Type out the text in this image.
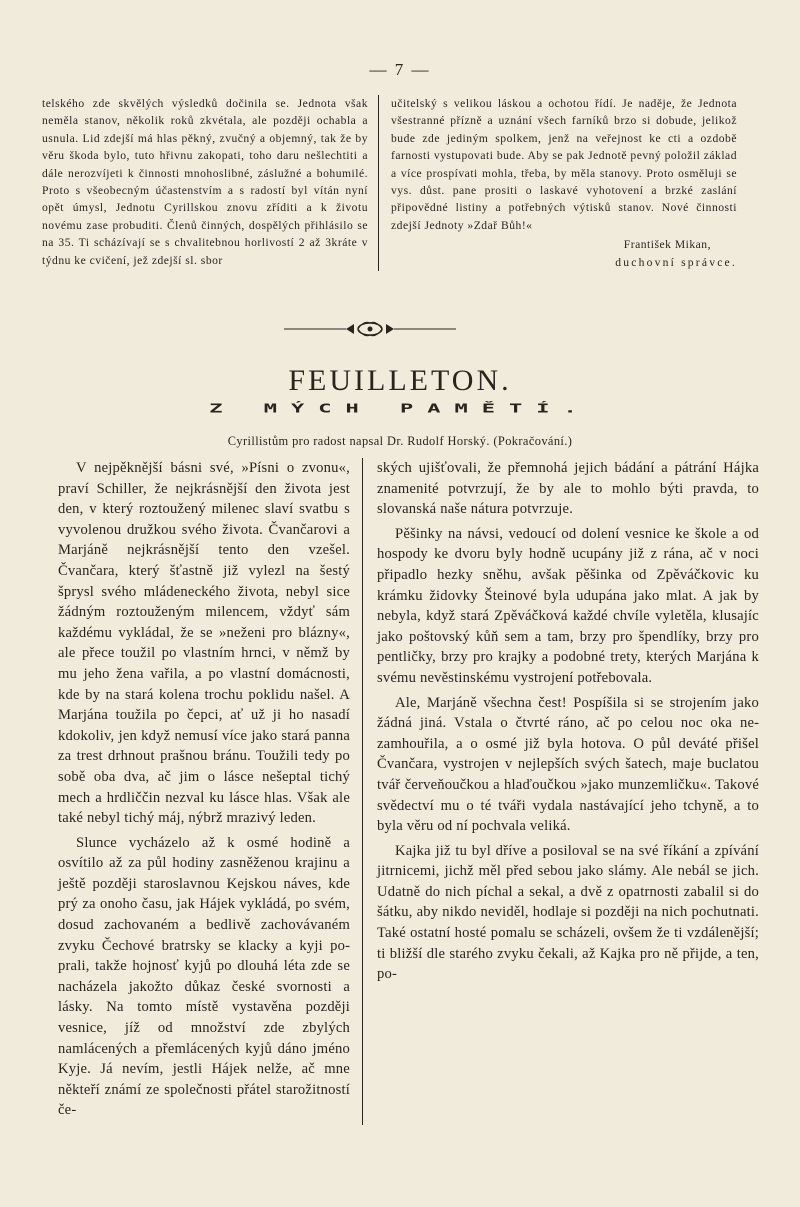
— 7 —

telského zde skvělých výsledků dočinila se. Jednota však neměla stanov, několik roků zkvétala, ale později ochabla a usnula. Lid zdejší má hlas pěkný, zvučný a objemný, tak že by věru škoda bylo, tuto hřivnu zakopati, toho daru nešlechtiti a dále nerozvíjeti k činnosti mnohoslibné, záslužné a bohumilé. Proto s všeobecným účastenstvím a s radostí byl vítán nyní opět úmysl, Jednotu Cyrillskou znovu zříditi a k životu novému zase probuditi. Členů činných, dospělých přihlásilo se na 35. Ti scházívají se s chvalitebnou horlivostí 2 až 3kráte v týdnu ke cvičení, jež zdejší sl. sbor

učitelský s velikou láskou a ochotou řídí. Je naděje, že Jednota všestranné přízně a uznání všech farníků brzo si dobude, jelikož bude zde jediným spolkem, jenž na veřejnost ke cti a ozdobě farnosti vystupovati bude. Aby se pak Jednotě pevný položil základ a více prospívati mohla, třeba, by měla stanovy. Proto osměluji se vys. důst. pane prositi o laskavé vyhotovení a brzké zaslání připovědné listiny a potřebných výtisků stanov. Nové činnosti zdejší Jednoty »Zdař Bůh!«

František Mikan,
duchovní správce.
FEUILLETON.
Z MÝCH PAMĚTÍ.
Cyrillistům pro radost napsal Dr. Rudolf Horský. (Pokračování.)

V nejpěknější básni své, »Písni o zvonu«, praví Schiller, že nejkrásnější den života jest den, v který roztoužený milenec slaví svatbu s vyvolenou družkou svého života. Čvančarovi a Marjáně nejkrásnější tento den vzešel. Čvančara, který šťastně již vylezl na šestý šprysl svého mládeneckého života, nebyl sice žádným roztouženým milencem, vždyť sám každému vykládal, že se »neženi pro blázny«, ale přece toužil po vlastním hrnci, v němž by mu jeho žena vařila, a po vlastní domácnosti, kde by na stará kolena trochu poklidu našel. A Marjána toužila po čepci, ať už ji ho nasadí kdokoliv, jen když nemusí více jako stará panna za trest drhnout prašnou bránu. Toužili tedy po sobě oba dva, ač jim o lásce nešeptal tichý mech a hrdliččin nezval ku lásce hlas. Však ale také nebyl tichý máj, nýbrž mrazivý leden.

Slunce vycházelo až k osmé hodině a osvítilo až za půl hodiny zasněženou krajinu a ještě později staroslavnou Kejskou náves, kde prý za onoho času, jak Hájek vykládá, po svém, dosud zachovaném a bedlivě zachovávaném zvyku Čechové bratrsky se klacky a kyji poprali, takže hojnosť kyjů po dlouhá léta zde se nacházela jakožto důkaz české svornosti a lásky. Na tomto místě vystavěna později vesnice, jíž od množství zde zbylých namlácených a přemlácených kyjů dáno jméno Kyje. Já nevím, jestli Hájek nelže, ač mne někteří známí ze společnosti přátel starožitností če-

ských ujišťovali, že přemnohá jejich bádání a pátrání Hájka znamenité potvrzují, že by ale to mohlo býti pravda, to slovanská naše nátura potvrzuje.

Pěšinky na návsi, vedoucí od dolení vesnice ke škole a od hospody ke dvoru byly hodně ucupány již z rána, ač v noci připadlo hezky sněhu, avšak pěšinka od Zpěváčkovic ku krámku židovky Šteinové byla udupána jako mlat. A jak by nebyla, když stará Zpěváčková každé chvíle vyletěla, klusajíc jako poštovský kůň sem a tam, brzy pro špendlíky, brzy pro pentličky, brzy pro krajky a podobné trety, kterých Marjána k svému nevěstinskému vystrojení potřebovala.

Ale, Marjáně všechna čest! Pospíšila si se strojením jako žádná jiná. Vstala o čtvrté ráno, ač po celou noc oka nezamhouřila, a o osmé již byla hotova. O půl deváté přišel Čvančara, vystrojen v nejlepších svých šatech, maje buclatou tvář červeňoučkou a hlaďoučkou »jako munzemličku«. Takové svědectví mu o té tváři vydala nastávající jeho tchyně, a to byla věru od ní pochvala veliká.

Kajka již tu byl dříve a posiloval se na své říkání a zpívání jitrnicemi, jichž měl před sebou jako slámy. Ale nebál se jich. Udatně do nich píchal a sekal, a dvě z opatrnosti zabalil si do šátku, aby nikdo neviděl, hodlaje si později na nich pochutnati. Také ostatní hosté pomalu se scházeli, ovšem že ti vzdálenější; ti bližší dle starého zvyku čekali, až Kajka pro ně přijde, a ten, po-
